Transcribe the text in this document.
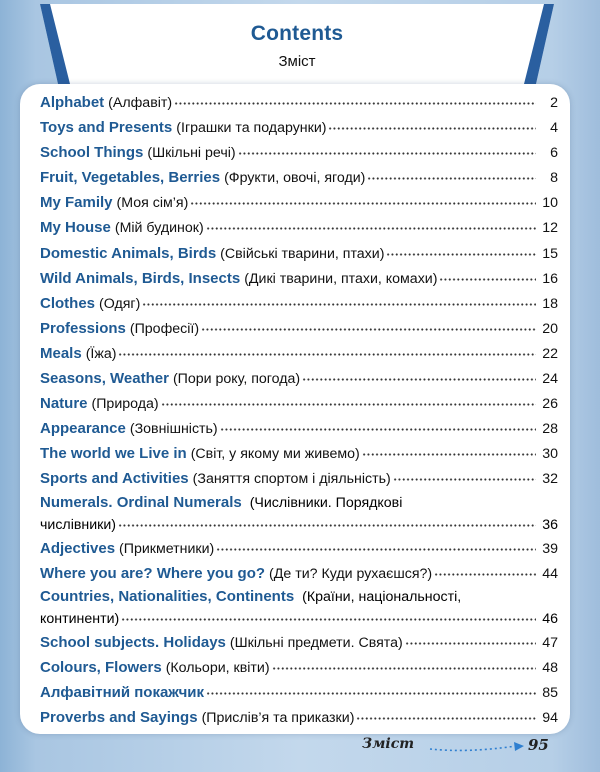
Contents
Зміст
Alphabet (Алфавіт)	2
Toys and Presents (Іграшки та подарунки)	4
School Things (Шкільні речі)	6
Fruit, Vegetables, Berries (Фрукти, овочі, ягоди)	8
My Family (Моя сім’я)	10
My House (Мій будинок)	12
Domestic Animals, Birds (Свійські тварини, птахи)	15
Wild Animals, Birds, Insects (Дикі тварини, птахи, комахи)	16
Clothes (Одяг)	18
Professions (Професії)	20
Meals (Їжа)	22
Seasons, Weather (Пори року, погода)	24
Nature (Природа)	26
Appearance (Зовнішність)	28
The world we Live in (Світ, у якому ми живемо)	30
Sports and Activities (Заняття спортом і діяльність)	32
Numerals. Ordinal Numerals (Числівники. Порядкові
числівники)	36
Adjectives (Прикметники)	39
Where you are? Where you go? (Де ти? Куди рухаєшся?)	44
Countries, Nationalities, Continents (Країни, національності,
континенти)	46
School subjects. Holidays (Шкільні предмети. Свята)	47
Colours, Flowers (Кольори, квіти)	48
Алфавітний покажчик	85
Proverbs and Sayings (Прислів’я та приказки)	94
Зміст	95
